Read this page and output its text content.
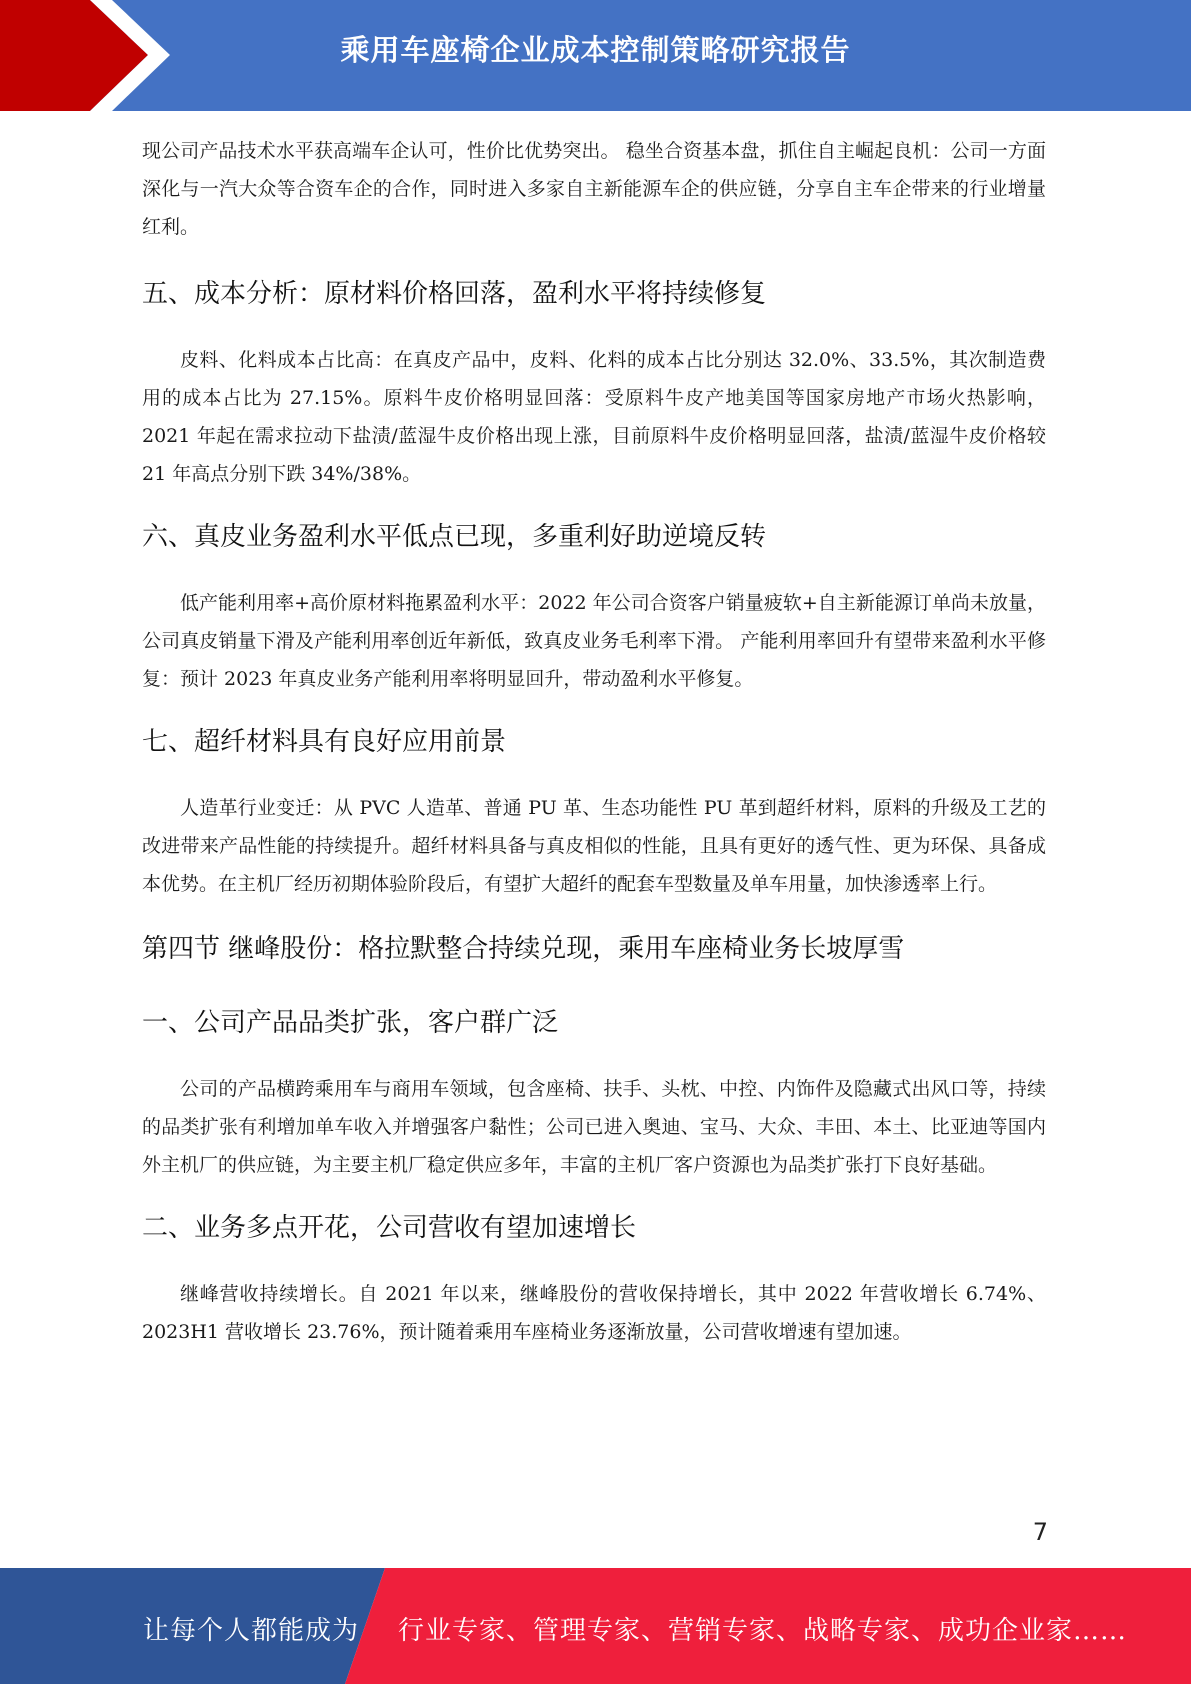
乘用车座椅企业成本控制策略研究报告

现公司产品技术水平获高端车企认可，性价比优势突出。 稳坐合资基本盘，抓住自主崛起良机：公司一方面深化与一汽大众等合资车企的合作，同时进入多家自主新能源车企的供应链，分享自主车企带来的行业增量红利。

五、成本分析：原材料价格回落，盈利水平将持续修复

皮料、化料成本占比高：在真皮产品中，皮料、化料的成本占比分别达 32.0%、33.5%，其次制造费用的成本占比为 27.15%。原料牛皮价格明显回落：受原料牛皮产地美国等国家房地产市场火热影响，2021 年起在需求拉动下盐渍/蓝湿牛皮价格出现上涨，目前原料牛皮价格明显回落，盐渍/蓝湿牛皮价格较 21 年高点分别下跌 34%/38%。

六、真皮业务盈利水平低点已现，多重利好助逆境反转

低产能利用率+高价原材料拖累盈利水平：2022 年公司合资客户销量疲软+自主新能源订单尚未放量，公司真皮销量下滑及产能利用率创近年新低，致真皮业务毛利率下滑。 产能利用率回升有望带来盈利水平修复：预计 2023 年真皮业务产能利用率将明显回升，带动盈利水平修复。

七、超纤材料具有良好应用前景

人造革行业变迁：从 PVC 人造革、普通 PU 革、生态功能性 PU 革到超纤材料，原料的升级及工艺的改进带来产品性能的持续提升。超纤材料具备与真皮相似的性能，且具有更好的透气性、更为环保、具备成本优势。在主机厂经历初期体验阶段后，有望扩大超纤的配套车型数量及单车用量，加快渗透率上行。

第四节 继峰股份：格拉默整合持续兑现，乘用车座椅业务长坡厚雪
一、公司产品品类扩张，客户群广泛

公司的产品横跨乘用车与商用车领域，包含座椅、扶手、头枕、中控、内饰件及隐藏式出风口等，持续的品类扩张有利增加单车收入并增强客户黏性；公司已进入奥迪、宝马、大众、丰田、本土、比亚迪等国内外主机厂的供应链，为主要主机厂稳定供应多年，丰富的主机厂客户资源也为品类扩张打下良好基础。

二、业务多点开花，公司营收有望加速增长

继峰营收持续增长。自 2021 年以来，继峰股份的营收保持增长，其中 2022 年营收增长 6.74%、2023H1 营收增长 23.76%，预计随着乘用车座椅业务逐渐放量，公司营收增速有望加速。

7
让每个人都能成为 行业专家、管理专家、营销专家、战略专家、成功企业家……
